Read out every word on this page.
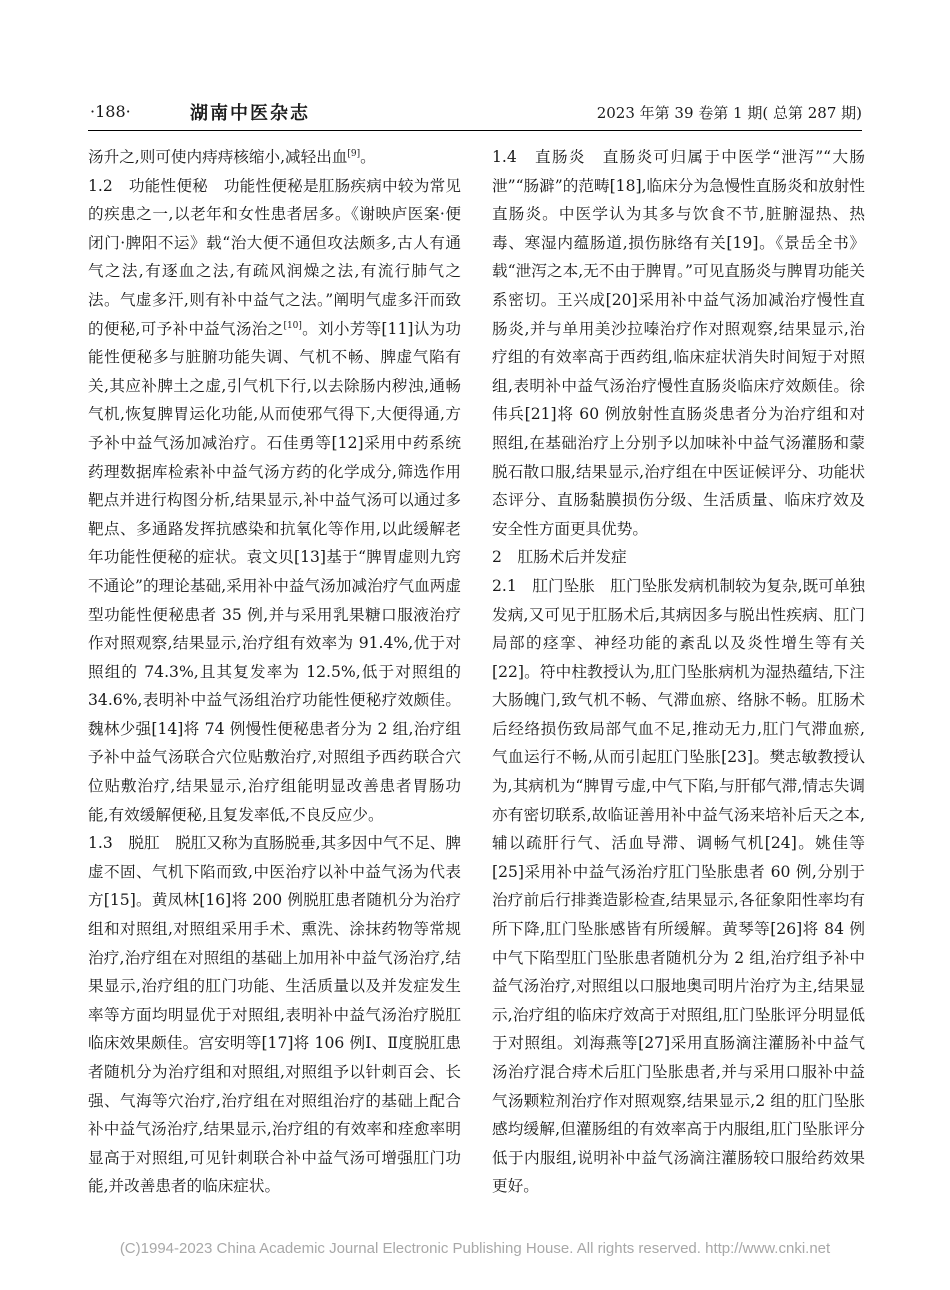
·188·	湖南中医杂志	2023 年第 39 卷第 1 期( 总第 287 期)

汤升之,则可使内痔痔核缩小,减轻出血[9]。

1.2　功能性便秘　功能性便秘是肛肠疾病中较为常见的疾患之一,以老年和女性患者居多。《谢映庐医案·便闭门·脾阳不运》载“治大便不通但攻法颇多,古人有通气之法,有逐血之法,有疏风润燥之法,有流行肺气之法。气虚多汗,则有补中益气之法。”阐明气虚多汗而致的便秘,可予补中益气汤治之[10]。刘小芳等[11]认为功能性便秘多与脏腑功能失调、气机不畅、脾虚气陷有关,其应补脾土之虚,引气机下行,以去除肠内秽浊,通畅气机,恢复脾胃运化功能,从而使邪气得下,大便得通,方予补中益气汤加减治疗。石佳勇等[12]采用中药系统药理数据库检索补中益气汤方药的化学成分,筛选作用靶点并进行构图分析,结果显示,补中益气汤可以通过多靶点、多通路发挥抗感染和抗氧化等作用,以此缓解老年功能性便秘的症状。袁文贝[13]基于“脾胃虚则九窍不通论”的理论基础,采用补中益气汤加减治疗气血两虚型功能性便秘患者 35 例,并与采用乳果糖口服液治疗作对照观察,结果显示,治疗组有效率为 91.4%,优于对照组的 74.3%,且其复发率为 12.5%,低于对照组的 34.6%,表明补中益气汤组治疗功能性便秘疗效颇佳。魏林少强[14]将 74 例慢性便秘患者分为 2 组,治疗组予补中益气汤联合穴位贴敷治疗,对照组予西药联合穴位贴敷治疗,结果显示,治疗组能明显改善患者胃肠功能,有效缓解便秘,且复发率低,不良反应少。

1.3　脱肛　脱肛又称为直肠脱垂,其多因中气不足、脾虚不固、气机下陷而致,中医治疗以补中益气汤为代表方[15]。黄凤林[16]将 200 例脱肛患者随机分为治疗组和对照组,对照组采用手术、熏洗、涂抹药物等常规治疗,治疗组在对照组的基础上加用补中益气汤治疗,结果显示,治疗组的肛门功能、生活质量以及并发症发生率等方面均明显优于对照组,表明补中益气汤治疗脱肛临床效果颇佳。宫安明等[17]将 106 例Ⅰ、Ⅱ度脱肛患者随机分为治疗组和对照组,对照组予以针刺百会、长强、气海等穴治疗,治疗组在对照组治疗的基础上配合补中益气汤治疗,结果显示,治疗组的有效率和痊愈率明显高于对照组,可见针刺联合补中益气汤可增强肛门功能,并改善患者的临床症状。

1.4　直肠炎　直肠炎可归属于中医学“泄泻”“大肠泄”“肠澼”的范畴[18],临床分为急慢性直肠炎和放射性直肠炎。中医学认为其多与饮食不节,脏腑湿热、热毒、寒湿内蕴肠道,损伤脉络有关[19]。《景岳全书》载“泄泻之本,无不由于脾胃。”可见直肠炎与脾胃功能关系密切。王兴成[20]采用补中益气汤加减治疗慢性直肠炎,并与单用美沙拉嗪治疗作对照观察,结果显示,治疗组的有效率高于西药组,临床症状消失时间短于对照组,表明补中益气汤治疗慢性直肠炎临床疗效颇佳。徐伟兵[21]将 60 例放射性直肠炎患者分为治疗组和对照组,在基础治疗上分别予以加味补中益气汤灌肠和蒙脱石散口服,结果显示,治疗组在中医证候评分、功能状态评分、直肠黏膜损伤分级、生活质量、临床疗效及安全性方面更具优势。

2　肛肠术后并发症

2.1　肛门坠胀　肛门坠胀发病机制较为复杂,既可单独发病,又可见于肛肠术后,其病因多与脱出性疾病、肛门局部的痉挛、神经功能的紊乱以及炎性增生等有关[22]。符中柱教授认为,肛门坠胀病机为湿热蕴结,下注大肠魄门,致气机不畅、气滞血瘀、络脉不畅。肛肠术后经络损伤致局部气血不足,推动无力,肛门气滞血瘀,气血运行不畅,从而引起肛门坠胀[23]。樊志敏教授认为,其病机为“脾胃亏虚,中气下陷,与肝郁气滞,情志失调亦有密切联系,故临证善用补中益气汤来培补后天之本,辅以疏肝行气、活血导滞、调畅气机[24]。姚佳等[25]采用补中益气汤治疗肛门坠胀患者 60 例,分别于治疗前后行排粪造影检查,结果显示,各征象阳性率均有所下降,肛门坠胀感皆有所缓解。黄琴等[26]将 84 例中气下陷型肛门坠胀患者随机分为 2 组,治疗组予补中益气汤治疗,对照组以口服地奥司明片治疗为主,结果显示,治疗组的临床疗效高于对照组,肛门坠胀评分明显低于对照组。刘海燕等[27]采用直肠滴注灌肠补中益气汤治疗混合痔术后肛门坠胀患者,并与采用口服补中益气汤颗粒剂治疗作对照观察,结果显示,2 组的肛门坠胀感均缓解,但灌肠组的有效率高于内服组,肛门坠胀评分低于内服组,说明补中益气汤滴注灌肠较口服给药效果更好。

(C)1994-2023 China Academic Journal Electronic Publishing House. All rights reserved. http://www.cnki.net
